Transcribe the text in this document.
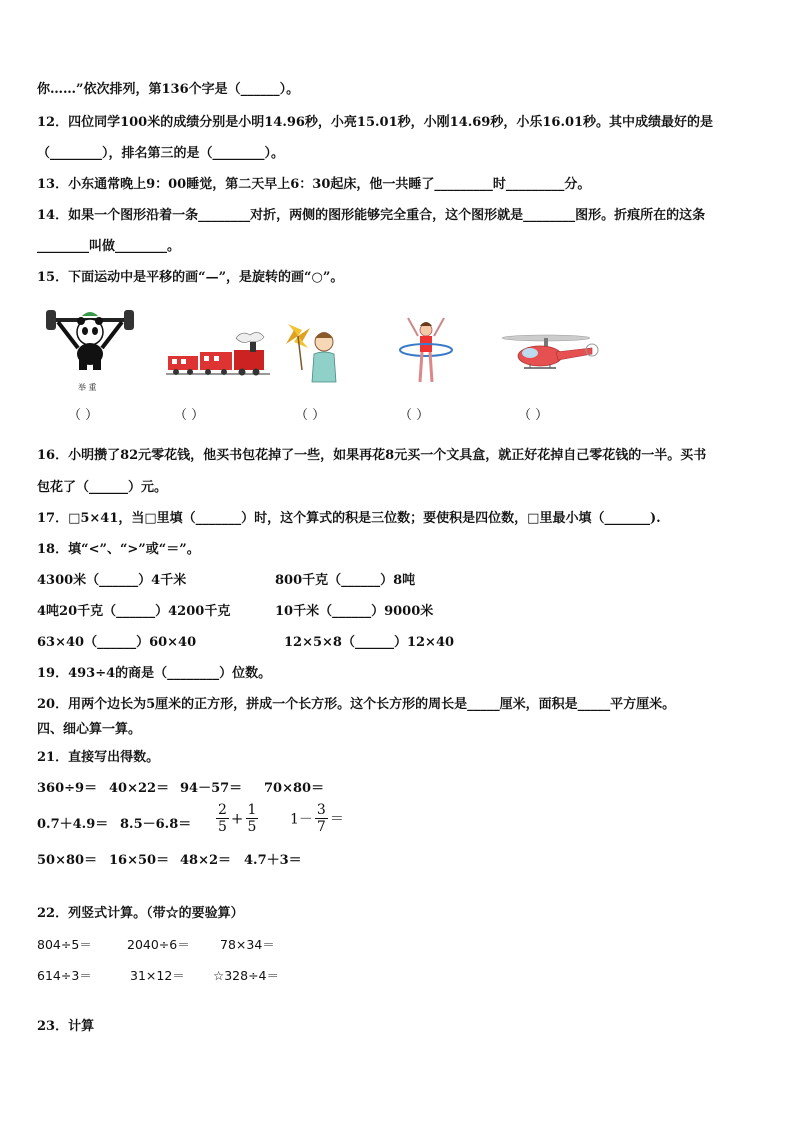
你……”依次排列，第136个字是（______）。
12．四位同学100米的成绩分别是小明14.96秒，小亮15.01秒，小刚14.69秒，小乐16.01秒。其中成绩最好的是
（________），排名第三的是（________）。
13．小东通常晚上9：00睡觉，第二天早上6：30起床，他一共睡了_________时_________分。
14．如果一个图形沿着一条________对折，两侧的图形能够完全重合，这个图形就是________图形。折痕所在的这条
________叫做________。
15．下面运动中是平移的画“—”，是旋转的画“○”。
举 重
（ ）	（ ）	（ ）	（ ）	（ ）
16．小明攒了82元零花钱，他买书包花掉了一些，如果再花8元买一个文具盒，就正好花掉自己零花钱的一半。买书
包花了（______）元。
17．□5×41，当□里填（_______）时，这个算式的积是三位数；要使积是四位数，□里最小填（_______).
18．填“<”、“>”或“＝”。
4300米（______）4千米	800千克（______）8吨
4吨20千克（______）4200千克	10千米（______）9000米
63×40（______）60×40	12×5×8（______）12×40
19．493÷4的商是（________）位数。
20．用两个边长为5厘米的正方形，拼成一个长方形。这个长方形的周长是_____厘米，面积是_____平方厘米。
四、细心算一算。
21．直接写出得数。
360÷9＝ 40×22＝ 94－57＝ 70×80＝
$0.7+4.9= 8.5-6.8= \frac{2}{5} + \frac{1}{5} 1- \frac{3}{7}$ ＝
50×80＝ 16×50＝ 48×2＝ 4.7＋3＝
22．列竖式计算。（带☆的要验算）
804÷5＝	2040÷6＝ 78×34＝
614÷3＝	31×12＝ ☆328÷4＝
23．计算
